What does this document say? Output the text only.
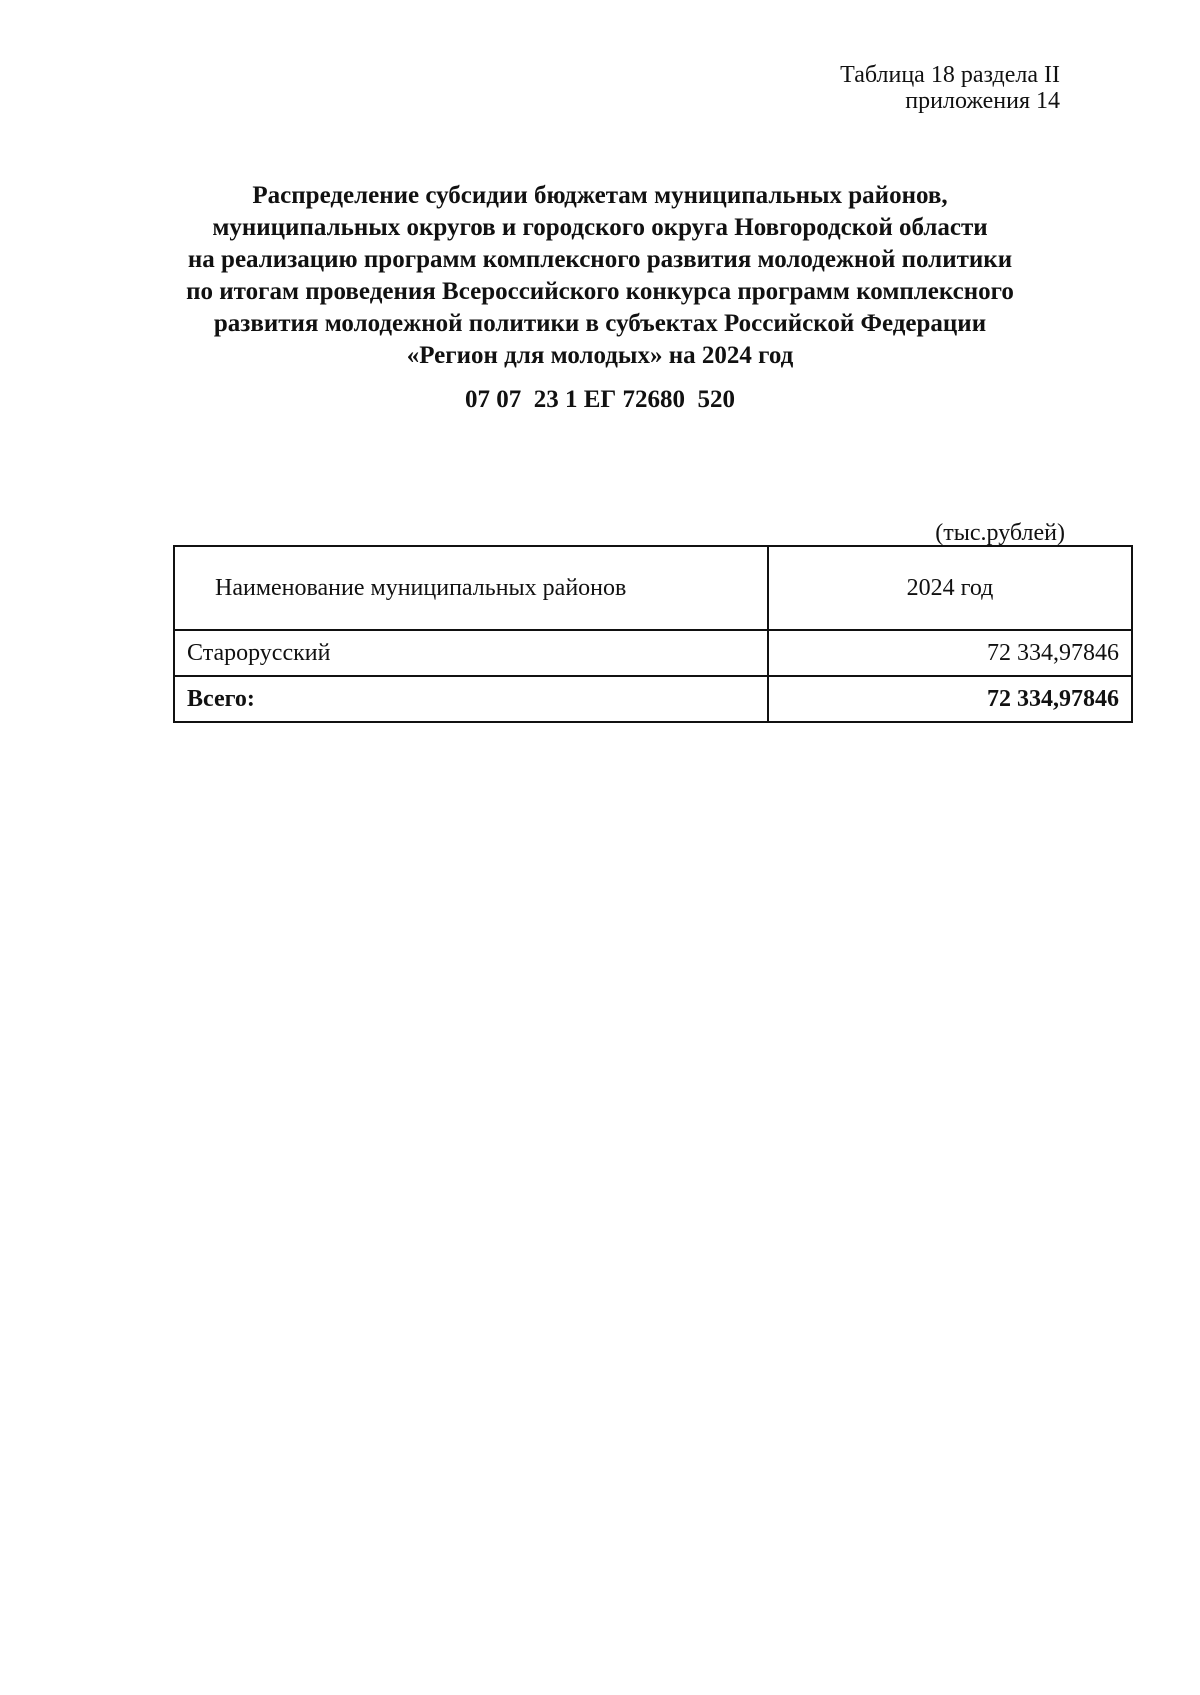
Таблица 18 раздела II
приложения 14
Распределение субсидии бюджетам муниципальных районов,
муниципальных округов и городского округа Новгородской области
на реализацию программ комплексного развития молодежной политики
по итогам проведения Всероссийского конкурса программ комплексного
развития молодежной политики в субъектах Российской Федерации
«Регион для молодых» на 2024 год
07 07  23 1 ЕГ 72680  520
(тыс.рублей)
Наименование муниципальных районов	2024 год
Старорусский	72 334,97846
Всего:	72 334,97846
